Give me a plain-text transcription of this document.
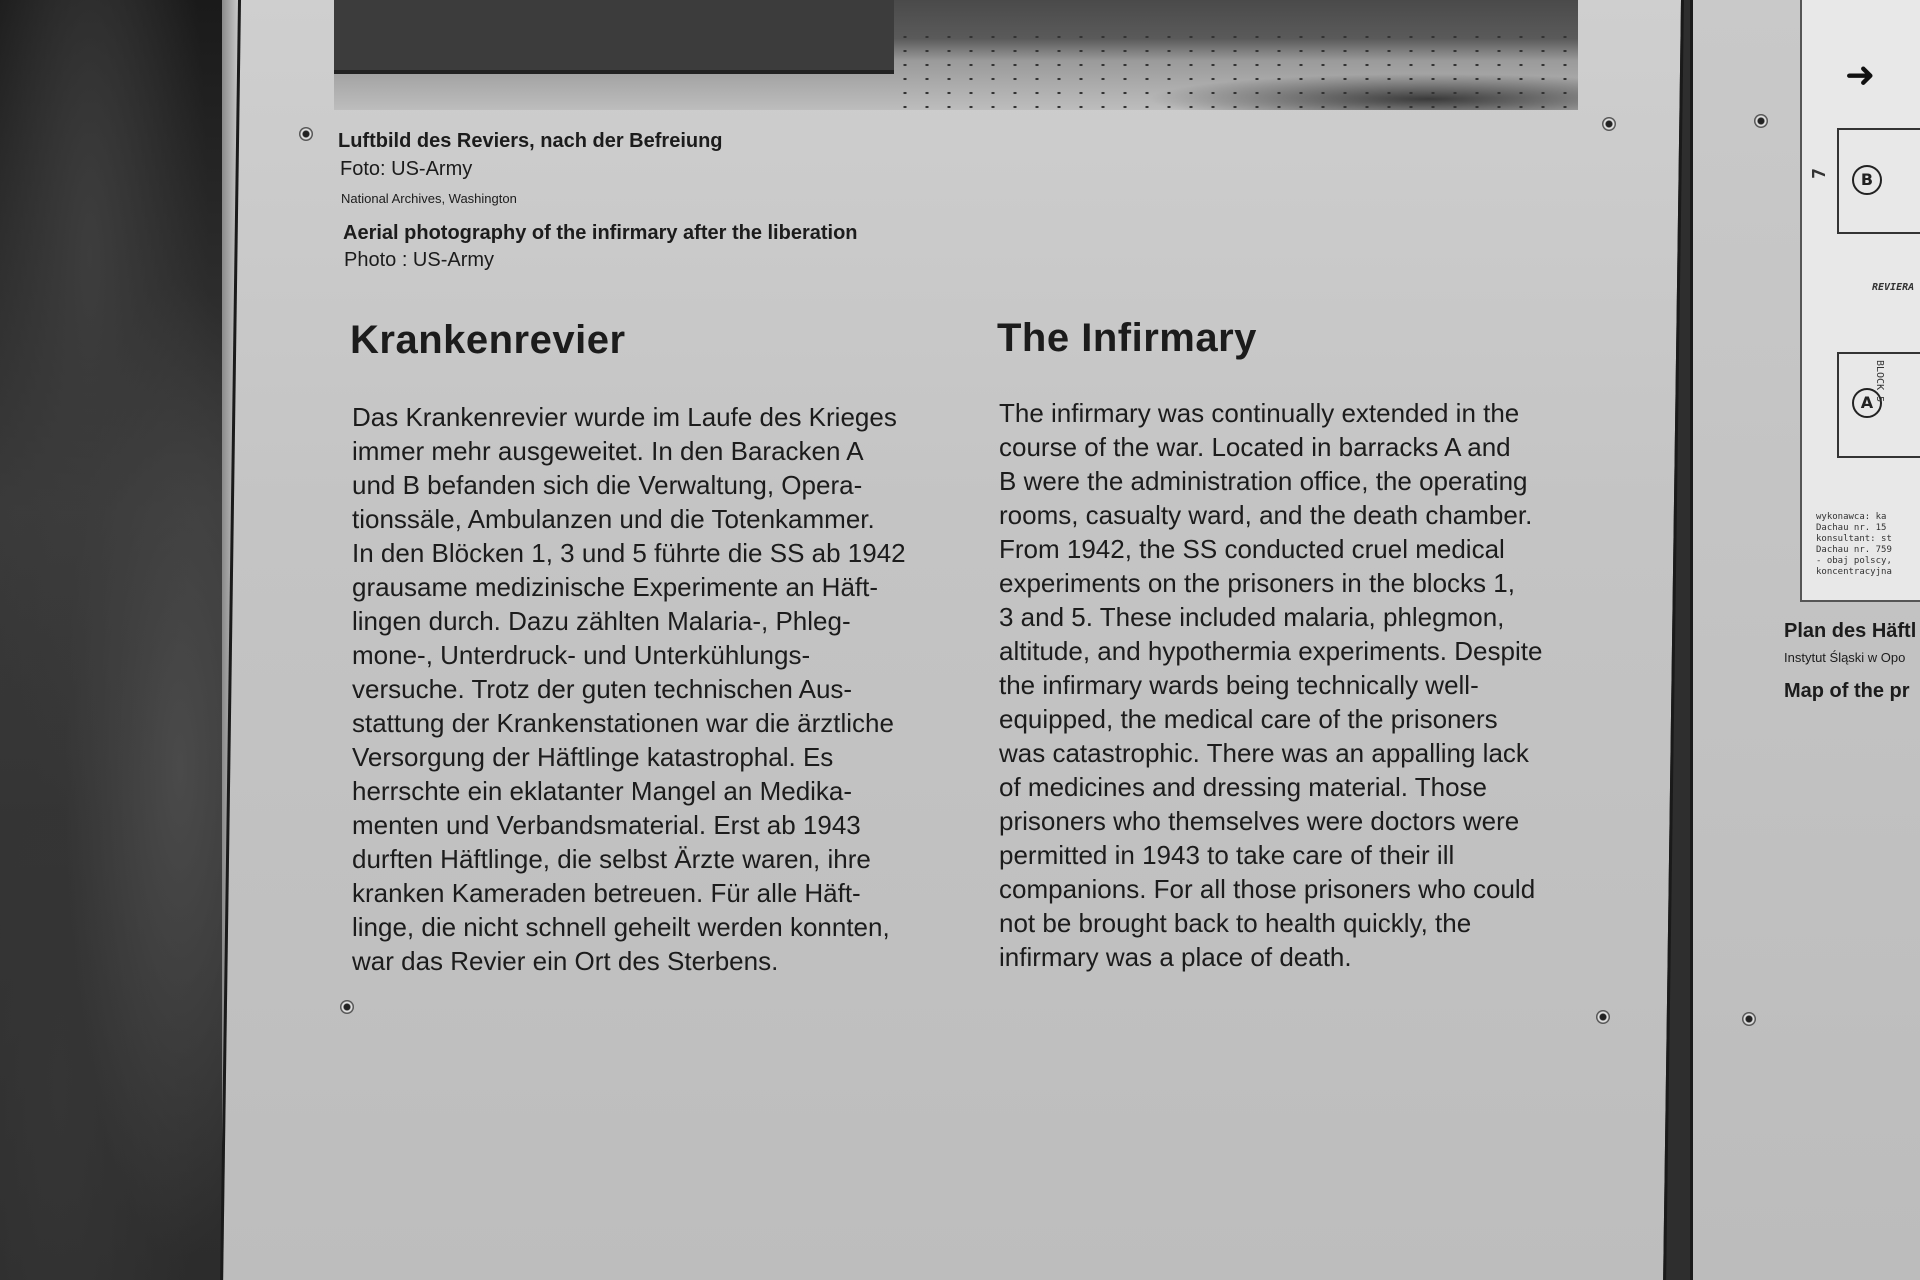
Luftbild des Reviers, nach der Befreiung
Foto: US-Army
National Archives, Washington
Aerial photography of the infirmary after the liberation
Photo : US-Army
Krankenrevier
Das Krankenrevier wurde im Laufe des Krieges
immer mehr ausgeweitet. In den Baracken A
und B befanden sich die Verwaltung, Opera-
tionssäle, Ambulanzen und die Totenkammer.
In den Blöcken 1, 3 und 5 führte die SS ab 1942
grausame medizinische Experimente an Häft-
lingen durch. Dazu zählten Malaria-, Phleg-
mone-, Unterdruck- und Unterkühlungs-
versuche. Trotz der guten technischen Aus-
stattung der Krankenstationen war die ärztliche
Versorgung der Häftlinge katastrophal. Es
herrschte ein eklatanter Mangel an Medika-
menten und Verbandsmaterial. Erst ab 1943
durften Häftlinge, die selbst Ärzte waren, ihre
kranken Kameraden betreuen. Für alle Häft-
linge, die nicht schnell geheilt werden konnten,
war das Revier ein Ort des Sterbens.
The Infirmary
The infirmary was continually extended in the
course of the war. Located in barracks A and
B were the administration office, the operating
rooms, casualty ward, and the death chamber.
From 1942, the SS conducted cruel medical
experiments on the prisoners in the blocks 1,
3 and 5. These included malaria, phlegmon,
altitude, and hypothermia experiments. Despite
the infirmary wards being technically well-
equipped, the medical care of the prisoners
was catastrophic. There was an appalling lack
of medicines and dressing material. Those
prisoners who themselves were doctors were
permitted in 1943 to take care of their ill
companions. For all those prisoners who could
not be brought back to health quickly, the
infirmary was a place of death.
B
REVIERA
A
BLOCK 5
7
wykonawca: ka
Dachau nr. 15
konsultant: st
Dachau nr. 759
- obaj polscy,
koncentracyjna
➜
Plan des Häftl
Instytut Śląski w Opo
Map of the pr
